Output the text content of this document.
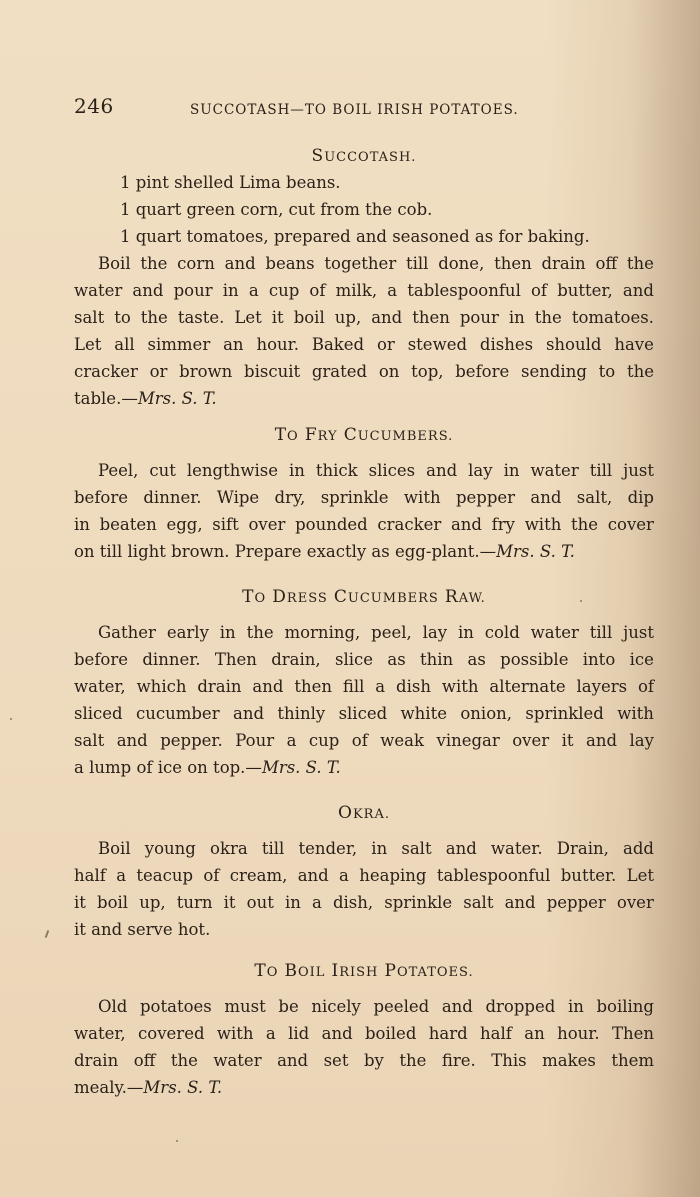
246	SUCCOTASH—TO BOIL IRISH POTATOES.
SUCCOTASH.
1 pint shelled Lima beans.
1 quart green corn, cut from the cob.
1 quart tomatoes, prepared and seasoned as for baking.
Boil the corn and beans together till done, then drain off the
water and pour in a cup of milk, a tablespoonful of butter, and
salt to the taste. Let it boil up, and then pour in the tomatoes.
Let all simmer an hour. Baked or stewed dishes should have
cracker or brown biscuit grated on top, before sending to the
table.—Mrs. S. T.
TO FRY CUCUMBERS.
Peel, cut lengthwise in thick slices and lay in water till just
before dinner. Wipe dry, sprinkle with pepper and salt, dip
in beaten egg, sift over pounded cracker and fry with the cover
on till light brown. Prepare exactly as egg-plant.—Mrs. S. T.
TO DRESS CUCUMBERS RAW.
Gather early in the morning, peel, lay in cold water till just
before dinner. Then drain, slice as thin as possible into ice
water, which drain and then fill a dish with alternate layers of
sliced cucumber and thinly sliced white onion, sprinkled with
salt and pepper. Pour a cup of weak vinegar over it and lay
a lump of ice on top.—Mrs. S. T.
OKRA.
Boil young okra till tender, in salt and water. Drain, add
half a teacup of cream, and a heaping tablespoonful butter. Let
it boil up, turn it out in a dish, sprinkle salt and pepper over
it and serve hot.
TO BOIL IRISH POTATOES.
Old potatoes must be nicely peeled and dropped in boiling
water, covered with a lid and boiled hard half an hour. Then
drain off the water and set by the fire. This makes them
mealy.—Mrs. S. T.
